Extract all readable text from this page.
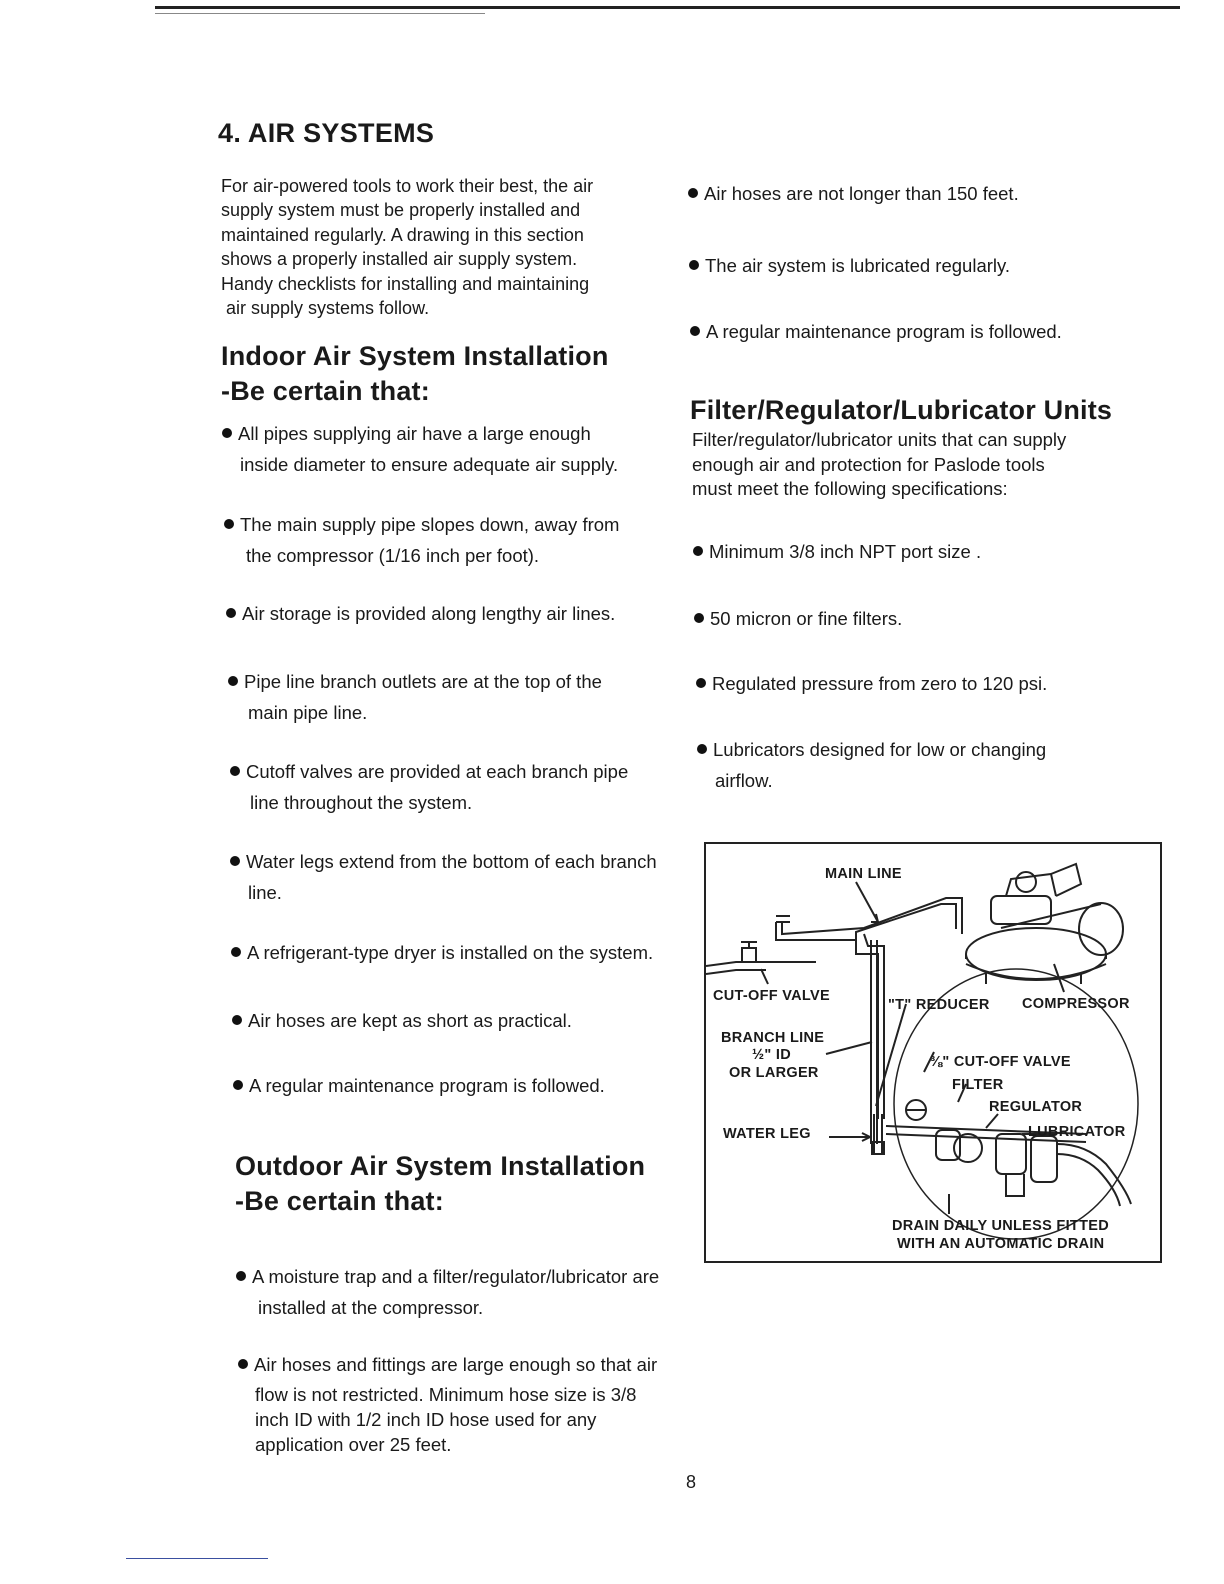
4. AIR SYSTEMS
For air-powered tools to work their best, the air
supply system must be properly installed and
maintained regularly. A drawing in this section
shows a properly installed air supply system.
Handy checklists for installing and maintaining
air supply systems follow.
Indoor Air System Installation
-Be certain that:
All pipes supplying air have a large enough
inside diameter to ensure adequate air supply.
The main supply pipe slopes down, away from
the compressor (1/16 inch per foot).
Air storage is provided along lengthy air lines.
Pipe line branch outlets are at the top of the
main pipe line.
Cutoff valves are provided at each branch pipe
line throughout the system.
Water legs extend from the bottom of each branch
line.
A refrigerant-type dryer is installed on the system.
Air hoses are kept as short as practical.
A regular maintenance program is followed.
Outdoor Air System Installation
-Be certain that:
A moisture trap and a filter/regulator/lubricator are
installed at the compressor.
Air hoses and fittings are large enough so that air
flow is not restricted. Minimum hose size is 3/8
inch ID with 1/2 inch ID hose used for any
application over 25 feet.
Air hoses are not longer than 150 feet.
The air system is lubricated regularly.
A regular maintenance program is followed.
Filter/Regulator/Lubricator Units
Filter/regulator/lubricator units that can supply
enough air and protection for Paslode tools
must meet the following specifications:
Minimum 3/8 inch NPT port size .
50 micron or fine filters.
Regulated pressure from zero to 120 psi.
Lubricators designed for low or changing
airflow.
MAIN LINE
CUT-OFF VALVE
"T" REDUCER COMPRESSOR
BRANCH LINE
½" ID
OR LARGER
⅜" CUT-OFF VALVE
FILTER
REGULATOR
LUBRICATOR
WATER LEG
DRAIN DAILY UNLESS FITTED
WITH AN AUTOMATIC DRAIN
8
